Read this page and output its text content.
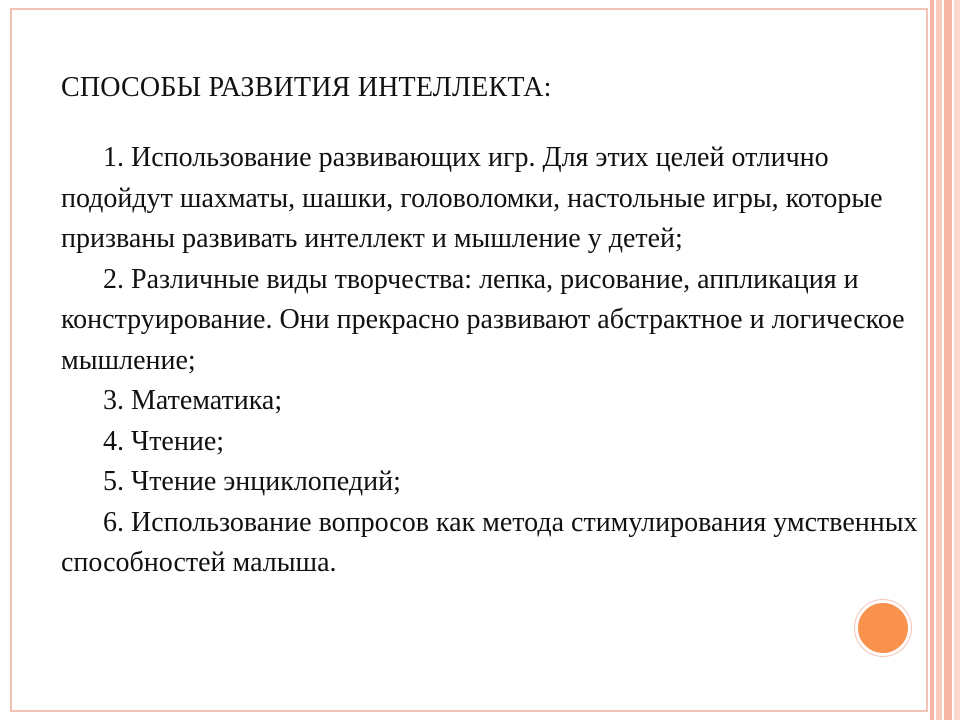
СПОСОБЫ РАЗВИТИЯ ИНТЕЛЛЕКТА:

1. Использование развивающих игр. Для этих целей отлично подойдут шахматы, шашки, головоломки, настольные игры, которые призваны развивать интеллект и мышление у детей;

2. Различные виды творчества: лепка, рисование, аппликация и конструирование. Они прекрасно развивают абстрактное и логическое мышление;

3. Математика;

4. Чтение;

5. Чтение энциклопедий;

6. Использование вопросов как метода стимулирования умственных способностей малыша.
